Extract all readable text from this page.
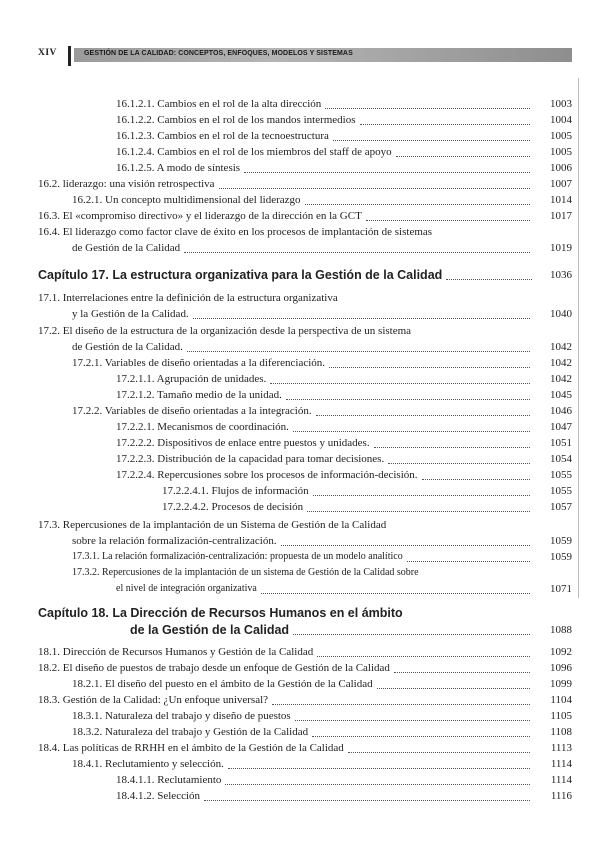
XIV	GESTIÓN DE LA CALIDAD: CONCEPTOS, ENFOQUES, MODELOS Y SISTEMAS
16.1.2.1. Cambios en el rol de la alta dirección	1003
16.1.2.2. Cambios en el rol de los mandos intermedios	1004
16.1.2.3. Cambios en el rol de la tecnoestructura	1005
16.1.2.4. Cambios en el rol de los miembros del staff de apoyo	1005
16.1.2.5. A modo de síntesis	1006
16.2. liderazgo: una visión retrospectiva	1007
16.2.1. Un concepto multidimensional del liderazgo	1014
16.3. El «compromiso directivo» y el liderazgo de la dirección en la GCT	1017
16.4. El liderazgo como factor clave de éxito en los procesos de implantación de sistemas
de Gestión de la Calidad	1019
Capítulo 17. La estructura organizativa para la Gestión de la Calidad	1036
17.1. Interrelaciones entre la definición de la estructura organizativa
y la Gestión de la Calidad.	1040
17.2. El diseño de la estructura de la organización desde la perspectiva de un sistema
de Gestión de la Calidad.	1042
17.2.1. Variables de diseño orientadas a la diferenciación.	1042
17.2.1.1. Agrupación de unidades.	1042
17.2.1.2. Tamaño medio de la unidad.	1045
17.2.2. Variables de diseño orientadas a la integración.	1046
17.2.2.1. Mecanismos de coordinación.	1047
17.2.2.2. Dispositivos de enlace entre puestos y unidades.	1051
17.2.2.3. Distribución de la capacidad para tomar decisiones.	1054
17.2.2.4. Repercusiones sobre los procesos de información-decisión.	1055
17.2.2.4.1. Flujos de información	1055
17.2.2.4.2. Procesos de decisión	1057
17.3. Repercusiones de la implantación de un Sistema de Gestión de la Calidad
sobre la relación formalización-centralización.	1059
17.3.1. La relación formalización-centralización: propuesta de un modelo analítico	1059
17.3.2. Repercusiones de la implantación de un sistema de Gestión de la Calidad sobre
el nivel de integración organizativa	1071
Capítulo 18. La Dirección de Recursos Humanos en el ámbito
de la Gestión de la Calidad	1088
18.1. Dirección de Recursos Humanos y Gestión de la Calidad	1092
18.2. El diseño de puestos de trabajo desde un enfoque de Gestión de la Calidad	1096
18.2.1. El diseño del puesto en el ámbito de la Gestión de la Calidad	1099
18.3. Gestión de la Calidad: ¿Un enfoque universal?	1104
18.3.1. Naturaleza del trabajo y diseño de puestos	1105
18.3.2. Naturaleza del trabajo y Gestión de la Calidad	1108
18.4. Las políticas de RRHH en el ámbito de la Gestión de la Calidad	1113
18.4.1. Reclutamiento y selección.	1114
18.4.1.1. Reclutamiento	1114
18.4.1.2. Selección	1116
